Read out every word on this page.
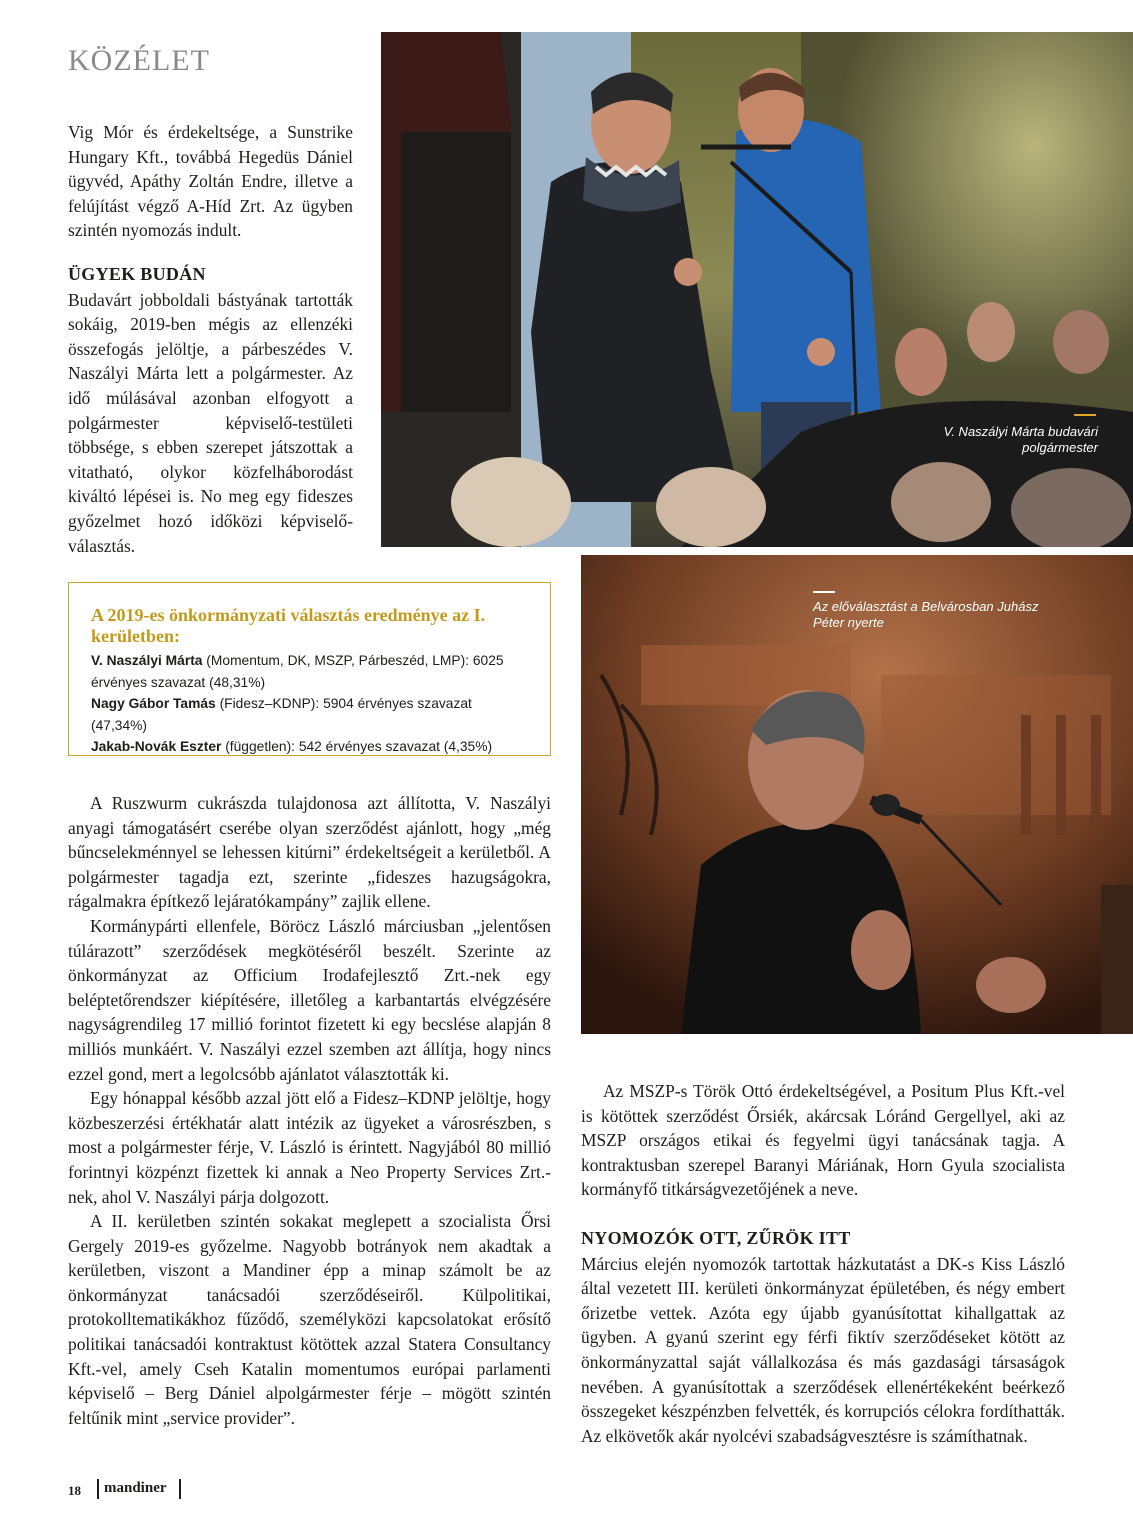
KÖZÉLET

Vig Mór és érdekeltsége, a Sunstrike Hungary Kft., továbbá Hegedüs Dániel ügyvéd, Apáthy Zoltán Endre, illetve a felújítást végző A-Híd Zrt. Az ügyben szintén nyomozás indult.

ÜGYEK BUDÁN

Budavárt jobboldali bástyának tartották sokáig, 2019-ben mégis az ellenzéki összefogás jelöltje, a párbeszédes V. Naszályi Márta lett a polgármester. Az idő múlásával azonban elfogyott a polgármester képviselő-testületi többsége, s ebben szerepet játszottak a vitatható, olykor közfelháborodást kiváltó lépései is. No meg egy fideszes győzelmet hozó időközi képviselő-választás.

V. Naszályi Márta budavári polgármester
Az előválasztást a Belvárosban Juhász Péter nyerte

A 2019-es önkormányzati választás eredménye az I. kerületben:

V. Naszályi Márta (Momentum, DK, MSZP, Párbeszéd, LMP): 6025 érvényes szavazat (48,31%)

Nagy Gábor Tamás (Fidesz–KDNP): 5904 érvényes szavazat (47,34%)

Jakab-Novák Eszter (független): 542 érvényes szavazat (4,35%)

A Ruszwurm cukrászda tulajdonosa azt állította, V. Naszályi anyagi támogatásért cserébe olyan szerződést ajánlott, hogy „még bűncselekménnyel se lehessen kitúrni” érdekeltségeit a kerületből. A polgármester tagadja ezt, szerinte „fideszes hazugságokra, rágalmakra építkező lejáratókampány” zajlik ellene.

Kormánypárti ellenfele, Böröcz László márciusban „jelentősen túlárazott” szerződések megkötéséről beszélt. Szerinte az önkormányzat az Officium Irodafejlesztő Zrt.-nek egy beléptetőrendszer kiépítésére, illetőleg a karbantartás elvégzésére nagyságrendileg 17 millió forintot fizetett ki egy becslése alapján 8 milliós munkáért. V. Naszályi ezzel szemben azt állítja, hogy nincs ezzel gond, mert a legolcsóbb ajánlatot választották ki.

Egy hónappal később azzal jött elő a Fidesz–KDNP jelöltje, hogy közbeszerzési értékhatár alatt intézik az ügyeket a városrészben, s most a polgármester férje, V. László is érintett. Nagyjából 80 millió forintnyi közpénzt fizettek ki annak a Neo Property Services Zrt.-nek, ahol V. Naszályi párja dolgozott.

A II. kerületben szintén sokakat meglepett a szocialista Őrsi Gergely 2019-es győzelme. Nagyobb botrányok nem akadtak a kerületben, viszont a Mandiner épp a minap számolt be az önkormányzat tanácsadói szerződéseiről. Külpolitikai, protokolltematikákhoz fűződő, személyközi kapcsolatokat erősítő politikai tanácsadói kontraktust kötöttek azzal Statera Consultancy Kft.-vel, amely Cseh Katalin momentumos európai parlamenti képviselő – Berg Dániel alpolgármester férje – mögött szintén feltűnik mint „service provider”.

Az MSZP-s Török Ottó érdekeltségével, a Positum Plus Kft.-vel is kötöttek szerződést Őrsiék, akárcsak Lóránd Gergellyel, aki az MSZP országos etikai és fegyelmi ügyi tanácsának tagja. A kontraktusban szerepel Baranyi Máriának, Horn Gyula szocialista kormányfő titkárságvezetőjének a neve.

NYOMOZÓK OTT, ZŰRÖK ITT

Március elején nyomozók tartottak házkutatást a DK-s Kiss László által vezetett III. kerületi önkormányzat épületében, és négy embert őrizetbe vettek. Azóta egy újabb gyanúsítottat kihallgattak az ügyben. A gyanú szerint egy férfi fiktív szerződéseket kötött az önkormányzattal saját vállalkozása és más gazdasági társaságok nevében. A gyanúsítottak a szerződések ellenértékeként beérkező összegeket készpénzben felvették, és korrupciós célokra fordíthatták. Az elkövetők akár nyolcévi szabadságvesztésre is számíthatnak.

18 mandiner
